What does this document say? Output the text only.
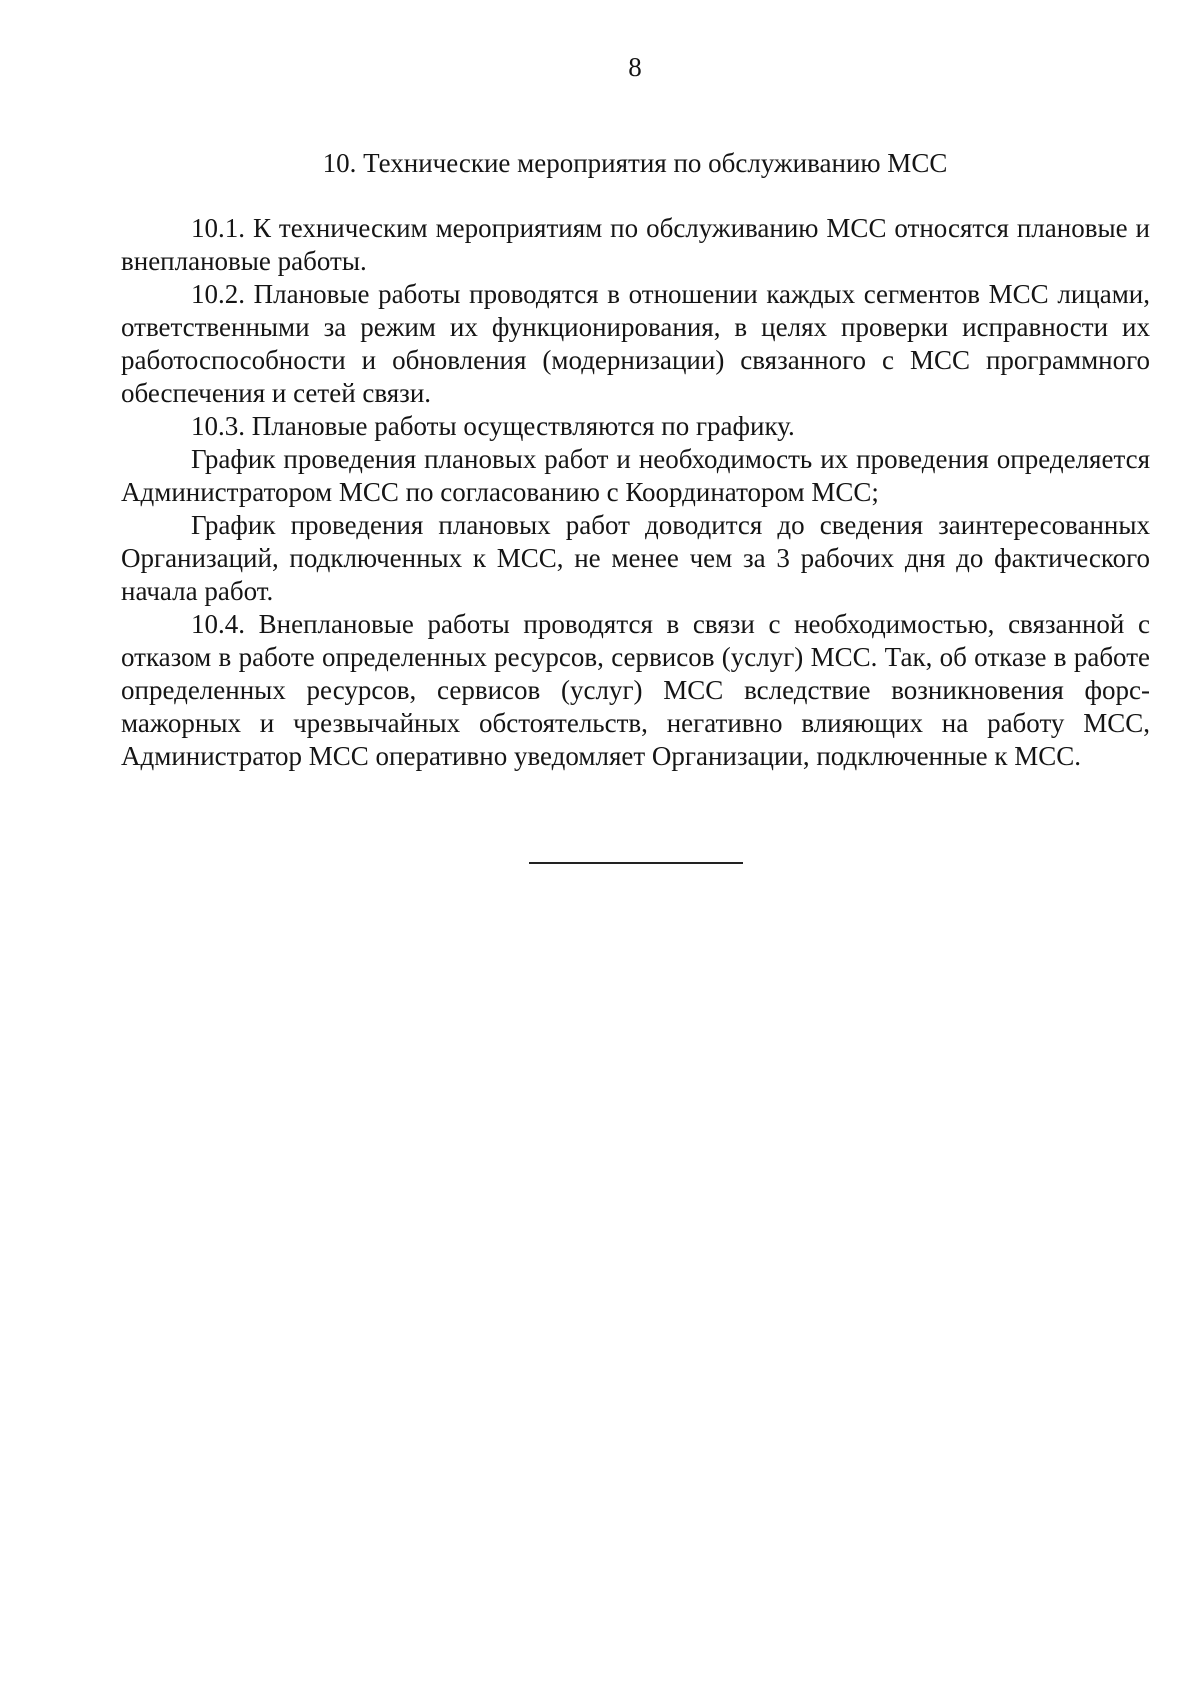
8
10. Технические мероприятия по обслуживанию МСС

10.1. К техническим мероприятиям по обслуживанию МСС относятся плановые и внеплановые работы.

10.2. Плановые работы проводятся в отношении каждых сегментов МСС лицами, ответственными за режим их функционирования, в целях проверки исправности их работоспособности и обновления (модернизации) связанного с МСС программного обеспечения и сетей связи.

10.3. Плановые работы осуществляются по графику.

График проведения плановых работ и необходимость их проведения определяется Администратором МСС по согласованию с Координатором МСС;

График проведения плановых работ доводится до сведения заинтересованных Организаций, подключенных к МСС, не менее чем за 3 рабочих дня до фактического начала работ.

10.4. Внеплановые работы проводятся в связи с необходимостью, связанной с отказом в работе определенных ресурсов, сервисов (услуг) МСС. Так, об отказе в работе определенных ресурсов, сервисов (услуг) МСС вследствие возникновения форс-мажорных и чрезвычайных обстоятельств, негативно влияющих на работу МСС, Администратор МСС оперативно уведомляет Организации, подключенные к МСС.
